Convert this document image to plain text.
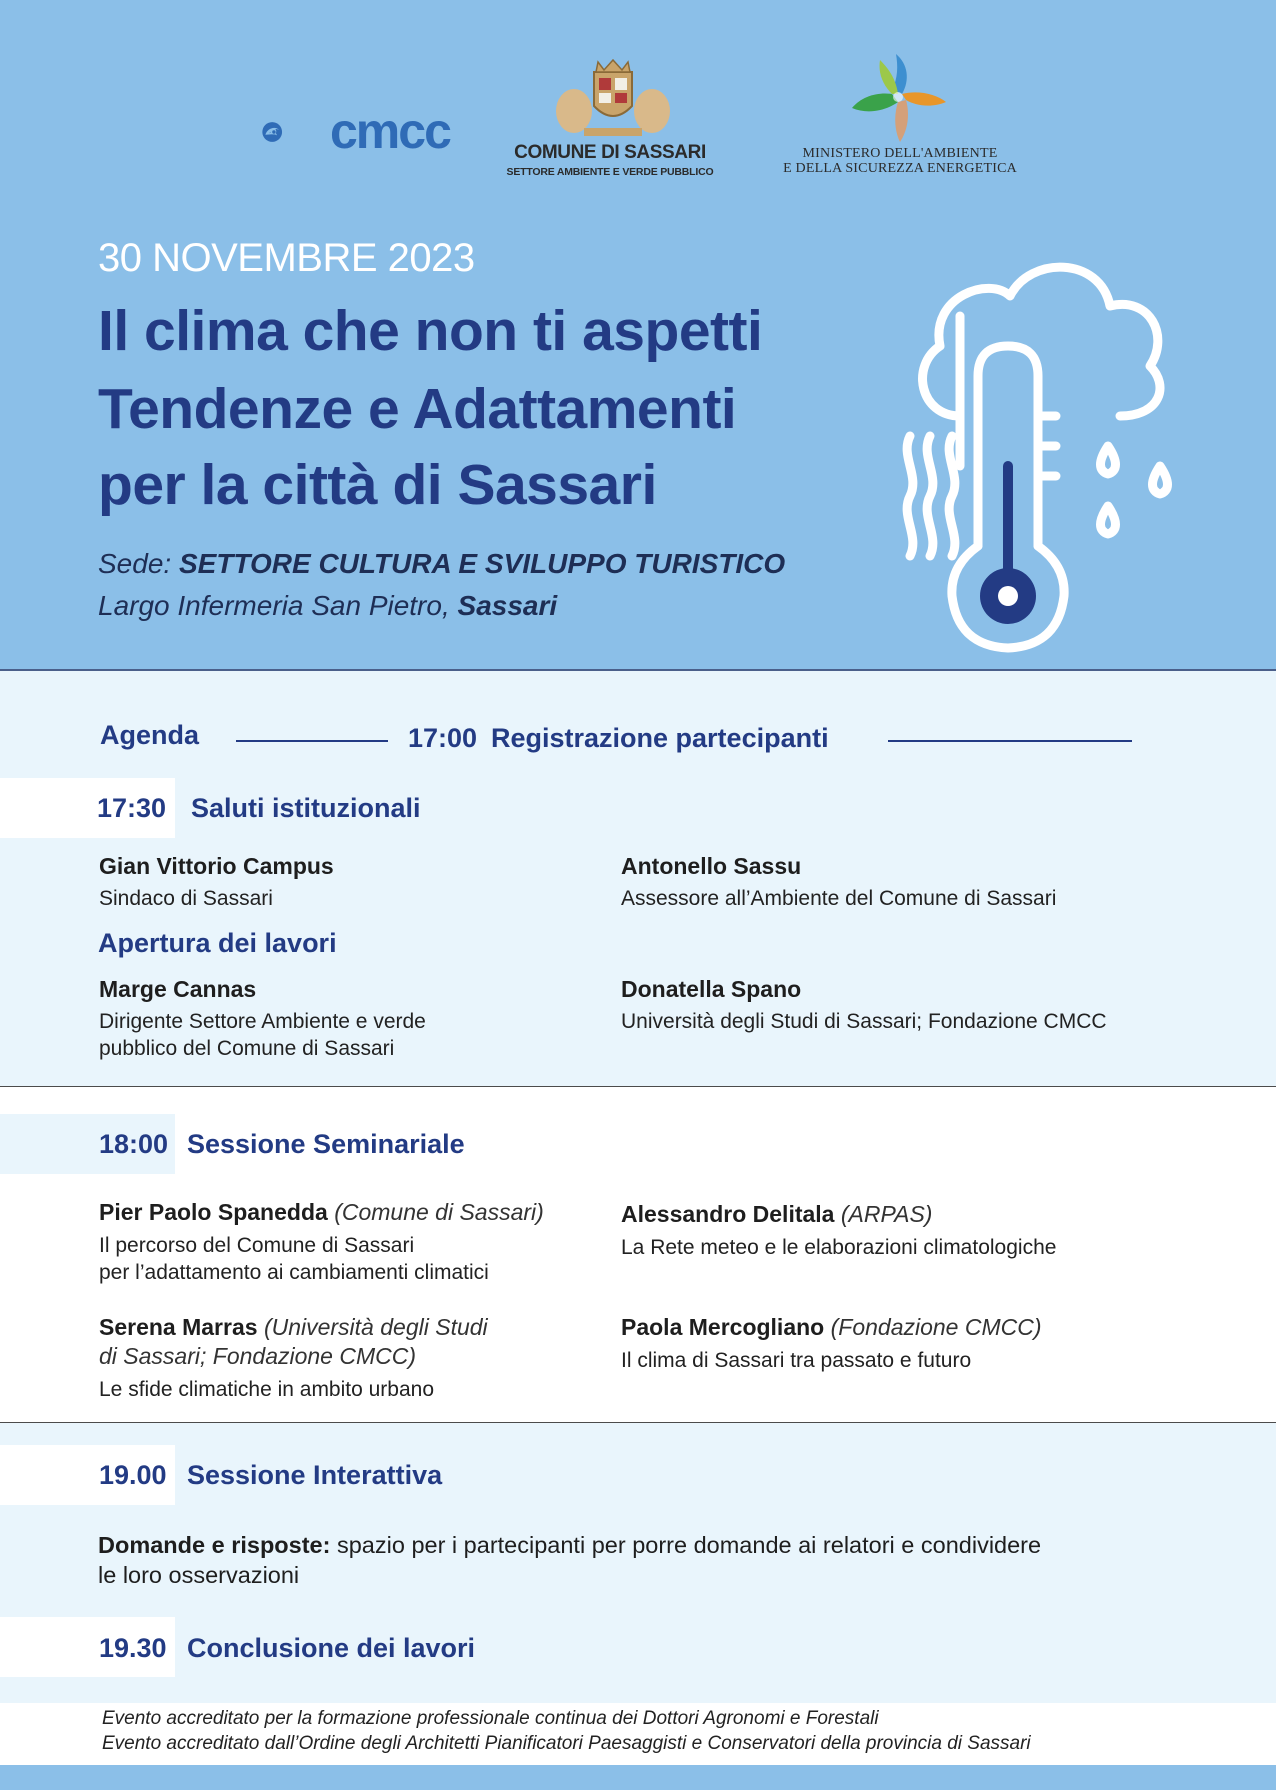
cmcc	COMUNE DI SASSARI
SETTORE AMBIENTE E VERDE PUBBLICO
MINISTERO DELL'AMBIENTE
E DELLA SICUREZZA ENERGETICA
30 NOVEMBRE 2023
Il clima che non ti aspetti
Tendenze e Adattamenti
per la città di Sassari
Sede: SETTORE CULTURA E SVILUPPO TURISTICO
Largo Infermeria San Pietro, Sassari
Agenda	17:00 Registrazione partecipanti
17:30 Saluti istituzionali
Gian Vittorio Campus
Sindaco di Sassari
Antonello Sassu
Assessore all’Ambiente del Comune di Sassari
Apertura dei lavori
Marge Cannas
Dirigente Settore Ambiente e verde
pubblico del Comune di Sassari
Donatella Spano
Università degli Studi di Sassari; Fondazione CMCC
18:00 Sessione Seminariale
Pier Paolo Spanedda (Comune di Sassari)
Il percorso del Comune di Sassari
per l’adattamento ai cambiamenti climatici
Alessandro Delitala (ARPAS)
La Rete meteo e le elaborazioni climatologiche
Serena Marras (Università degli Studi
di Sassari; Fondazione CMCC)
Le sfide climatiche in ambito urbano
Paola Mercogliano (Fondazione CMCC)
Il clima di Sassari tra passato e futuro
19.00 Sessione Interattiva
Domande e risposte: spazio per i partecipanti per porre domande ai relatori e condividere
le loro osservazioni
19.30 Conclusione dei lavori
Evento accreditato per la formazione professionale continua dei Dottori Agronomi e Forestali
Evento accreditato dall’Ordine degli Architetti Pianificatori Paesaggisti e Conservatori della provincia di Sassari
